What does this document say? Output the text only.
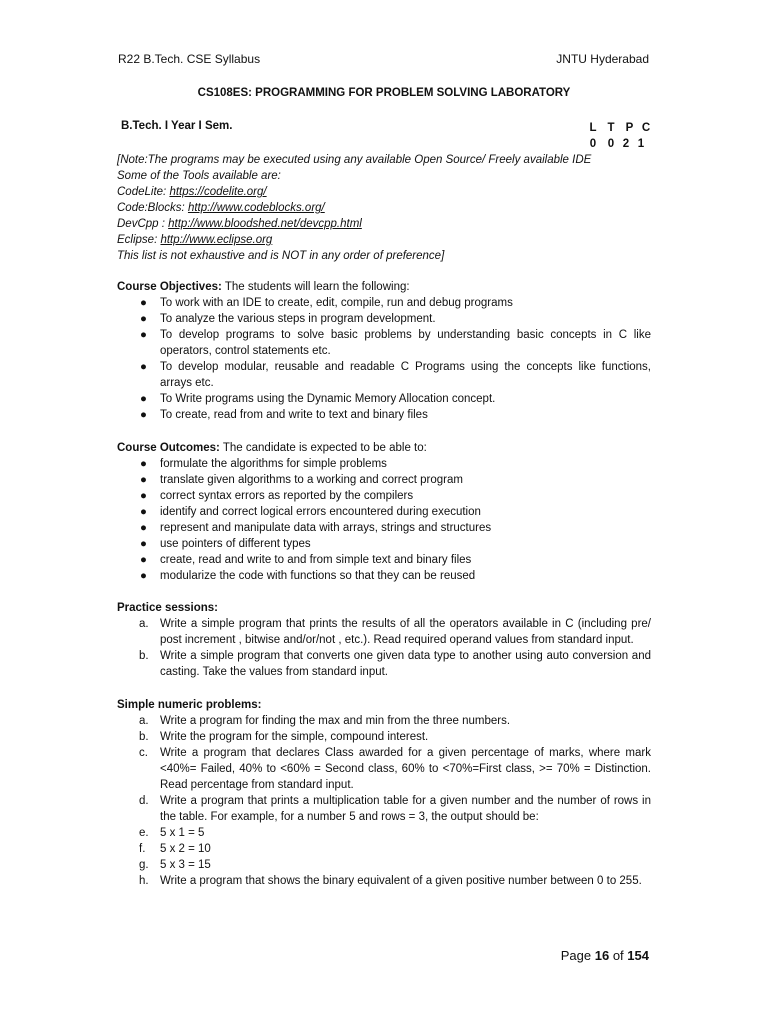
R22 B.Tech. CSE Syllabus	JNTU Hyderabad
CS108ES: PROGRAMMING FOR PROBLEM SOLVING LABORATORY
B.Tech. I Year I Sem.	L T P C
0 0 2 1
[Note:The programs may be executed using any available Open Source/ Freely available IDE
Some of the Tools available are:
CodeLite: https://codelite.org/
Code:Blocks: http://www.codeblocks.org/
DevCpp : http://www.bloodshed.net/devcpp.html
Eclipse: http://www.eclipse.org
This list is not exhaustive and is NOT in any order of preference]
Course Objectives: The students will learn the following:
● To work with an IDE to create, edit, compile, run and debug programs
● To analyze the various steps in program development.
● To develop programs to solve basic problems by understanding basic concepts in C like operators, control statements etc.
● To develop modular, reusable and readable C Programs using the concepts like functions, arrays etc.
● To Write programs using the Dynamic Memory Allocation concept.
● To create, read from and write to text and binary files
Course Outcomes: The candidate is expected to be able to:
● formulate the algorithms for simple problems
● translate given algorithms to a working and correct program
● correct syntax errors as reported by the compilers
● identify and correct logical errors encountered during execution
● represent and manipulate data with arrays, strings and structures
● use pointers of different types
● create, read and write to and from simple text and binary files
● modularize the code with functions so that they can be reused
Practice sessions:
a. Write a simple program that prints the results of all the operators available in C (including pre/ post increment , bitwise and/or/not , etc.). Read required operand values from standard input.
b. Write a simple program that converts one given data type to another using auto conversion and casting. Take the values from standard input.
Simple numeric problems:
a. Write a program for finding the max and min from the three numbers.
b. Write the program for the simple, compound interest.
c. Write a program that declares Class awarded for a given percentage of marks, where mark <40%= Failed, 40% to <60% = Second class, 60% to <70%=First class, >= 70% = Distinction. Read percentage from standard input.
d. Write a program that prints a multiplication table for a given number and the number of rows in the table. For example, for a number 5 and rows = 3, the output should be:
e. 5 x 1 = 5
f. 5 x 2 = 10
g. 5 x 3 = 15
h. Write a program that shows the binary equivalent of a given positive number between 0 to 255.
Page 16 of 154
